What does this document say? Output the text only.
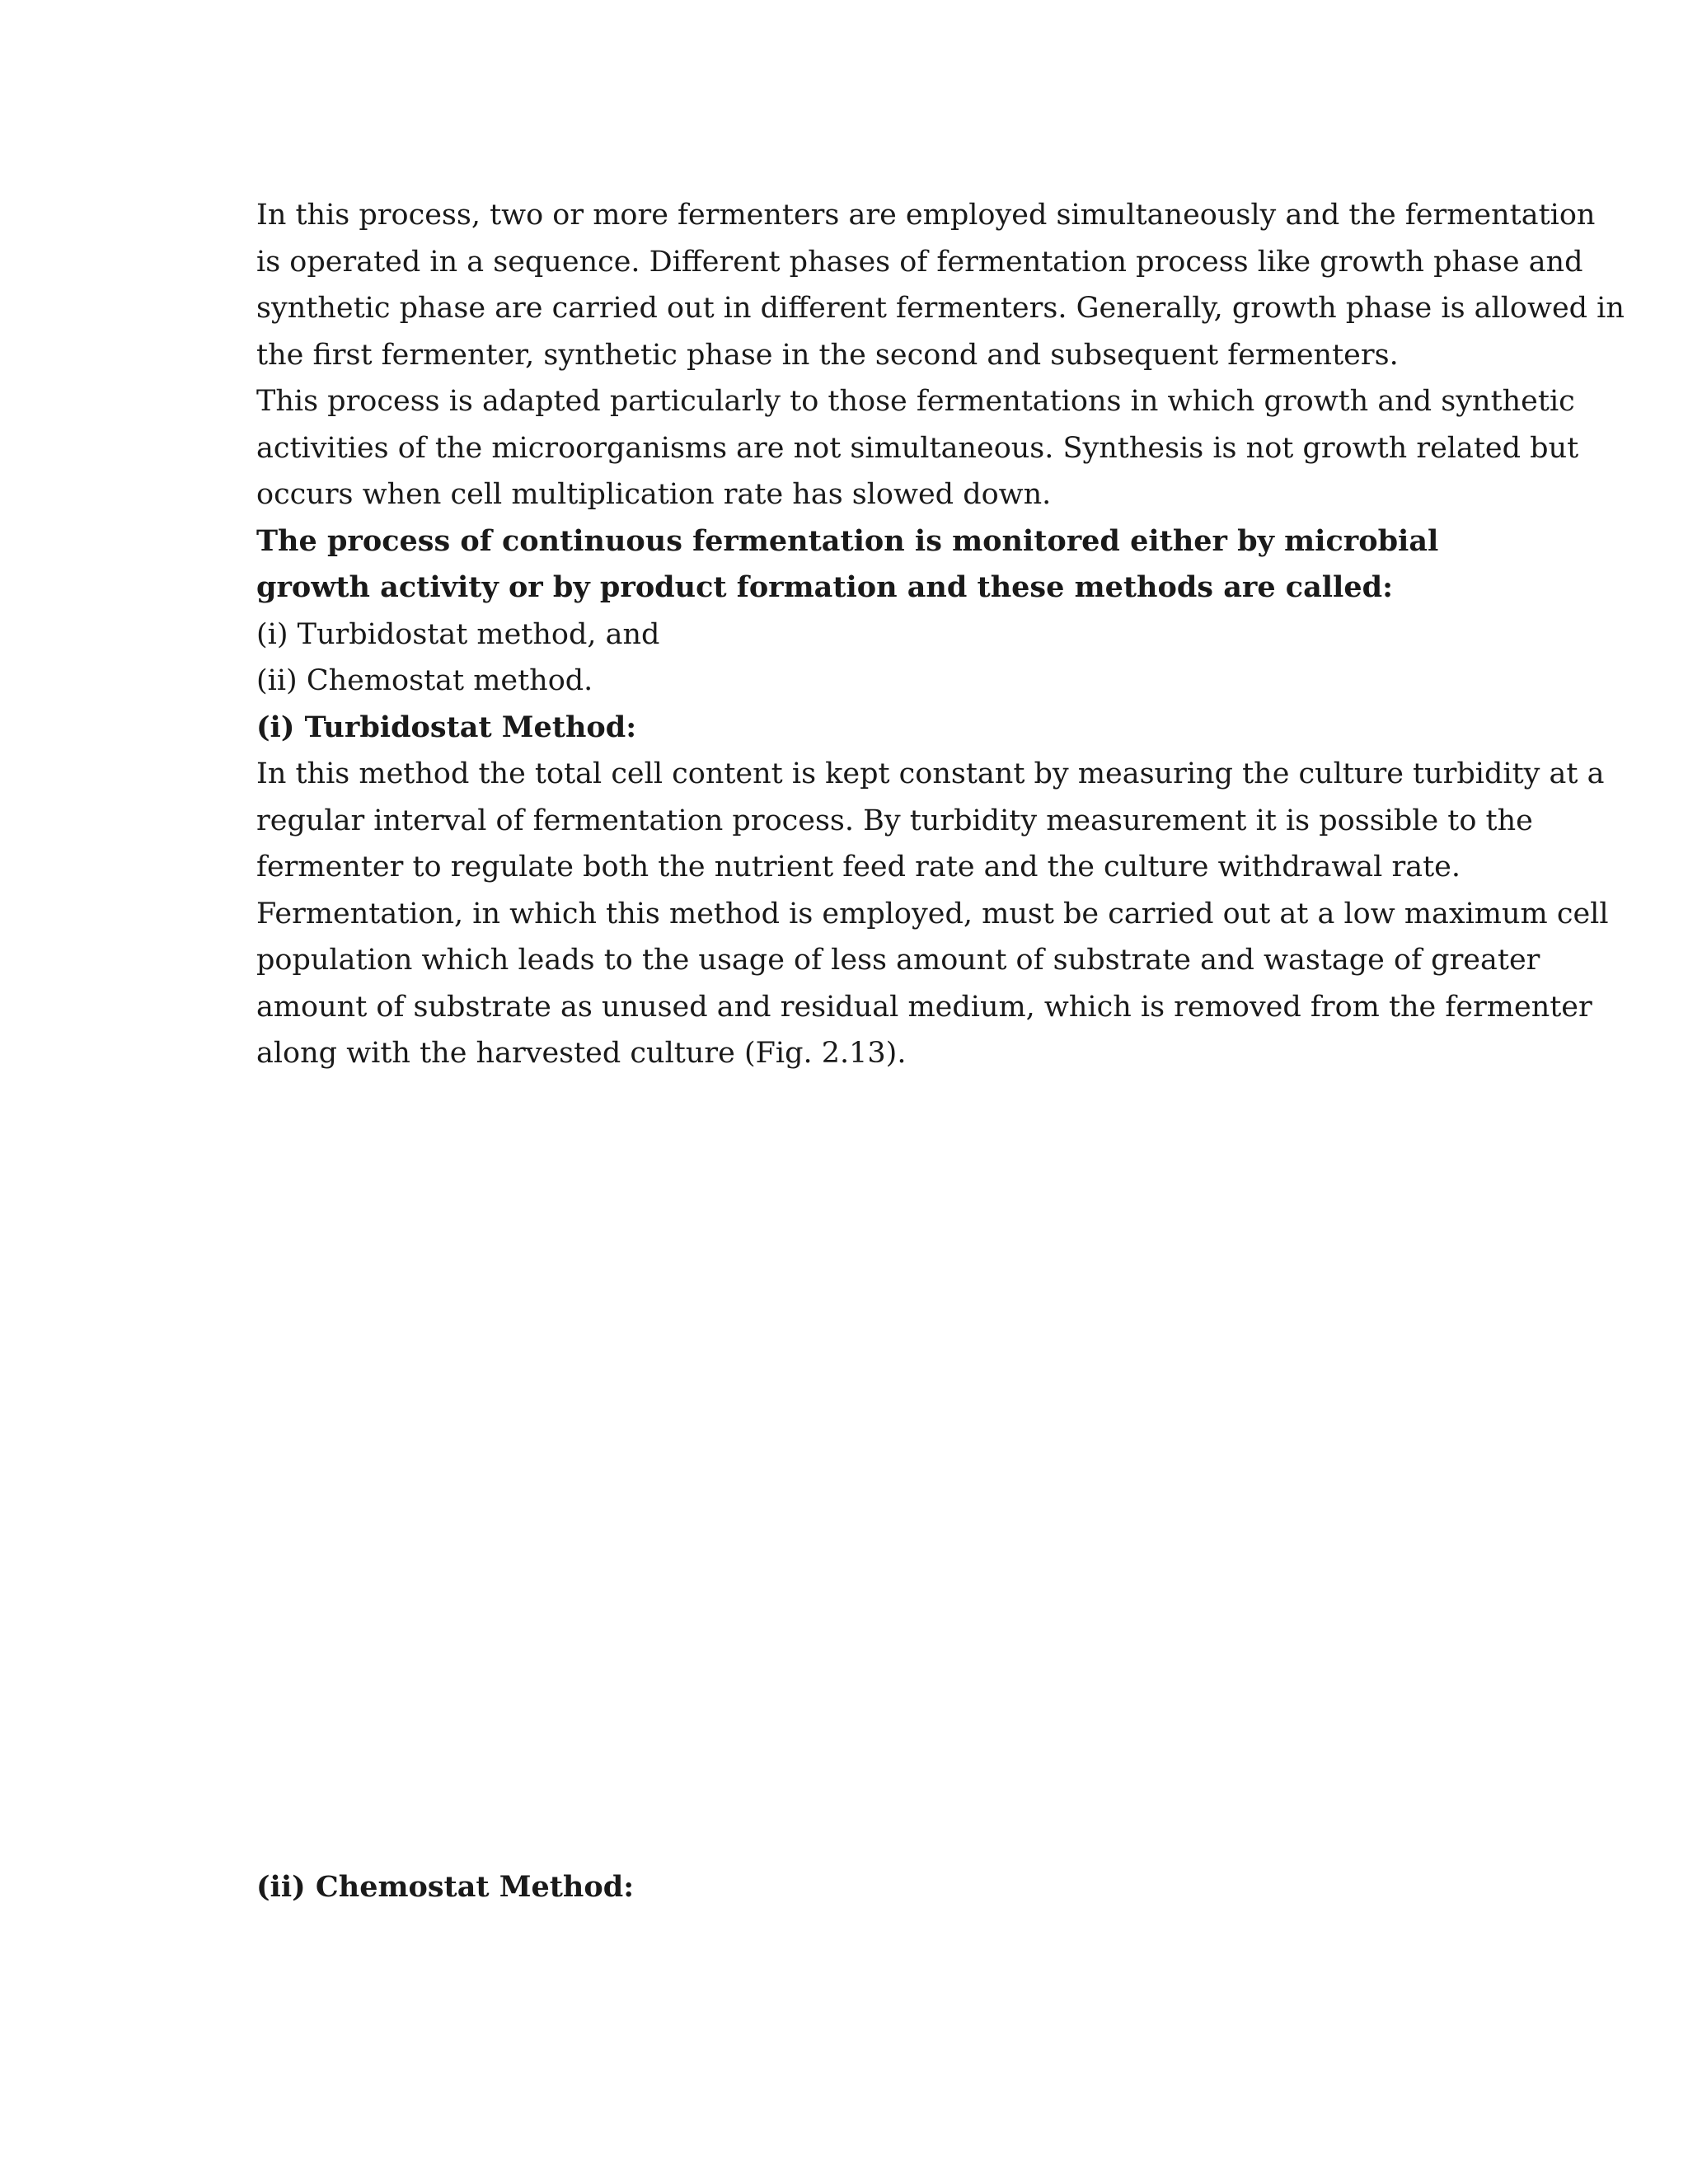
In this process, two or more fermenters are employed simultaneously and the fermentation
is operated in a sequence. Different phases of fermentation process like growth phase and
synthetic phase are carried out in different fermenters. Generally, growth phase is allowed in
the first fermenter, synthetic phase in the second and subsequent fermenters.

This process is adapted particularly to those fermentations in which growth and synthetic
activities of the microorganisms are not simultaneous. Synthesis is not growth related but
occurs when cell multiplication rate has slowed down.

The process of continuous fermentation is monitored either by microbial
growth activity or by product formation and these methods are called:

(i) Turbidostat method, and
(ii) Chemostat method.

(i) Turbidostat Method:

In this method the total cell content is kept constant by measuring the culture turbidity at a
regular interval of fermentation process. By turbidity measurement it is possible to the
fermenter to regulate both the nutrient feed rate and the culture withdrawal rate.
Fermentation, in which this method is employed, must be carried out at a low maximum cell
population which leads to the usage of less amount of substrate and wastage of greater
amount of substrate as unused and residual medium, which is removed from the fermenter
along with the harvested culture (Fig. 2.13).

(ii) Chemostat Method:
